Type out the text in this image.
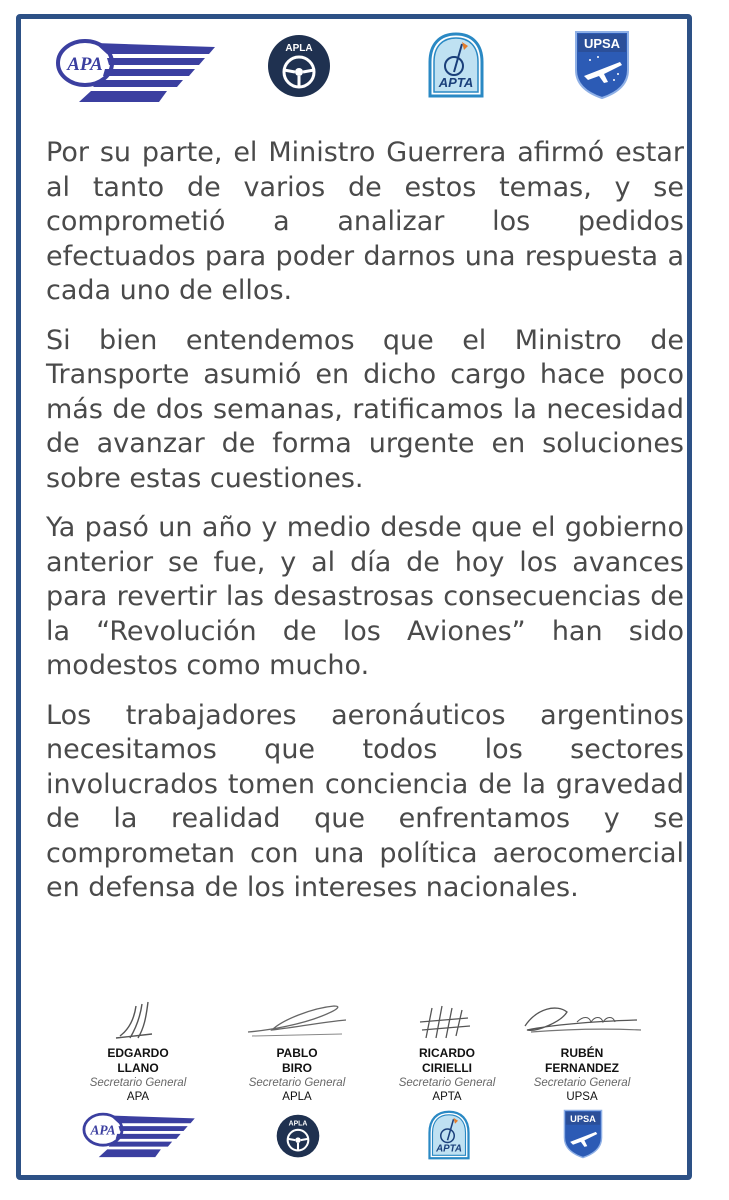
APA
APLA
APTA
UPSA

Por su parte, el Ministro Guerrera afirmó estar al tanto de varios de estos temas, y se comprometió a analizar los pedidos efectuados para poder darnos una respuesta a cada uno de ellos.

Si bien entendemos que el Ministro de Transporte asumió en dicho cargo hace poco más de dos semanas, ratificamos la necesidad de avanzar de forma urgente en soluciones sobre estas cuestiones.

Ya pasó un año y medio desde que el gobierno anterior se fue, y al día de hoy los avances para revertir las desastrosas consecuencias de la “Revolución de los Aviones” han sido modestos como mucho.

Los trabajadores aeronáuticos argentinos necesitamos que todos los sectores involucrados tomen conciencia de la gravedad de la realidad que enfrentamos y se comprometan con una política aerocomercial en defensa de los intereses nacionales.

EDGARDO
LLANO
Secretario General
APA
PABLO
BIRO
Secretario General
APLA
RICARDO
CIRIELLI
Secretario General
APTA
RUBÉN
FERNANDEZ
Secretario General
UPSA
APA	APLA
APTA
UPSA
